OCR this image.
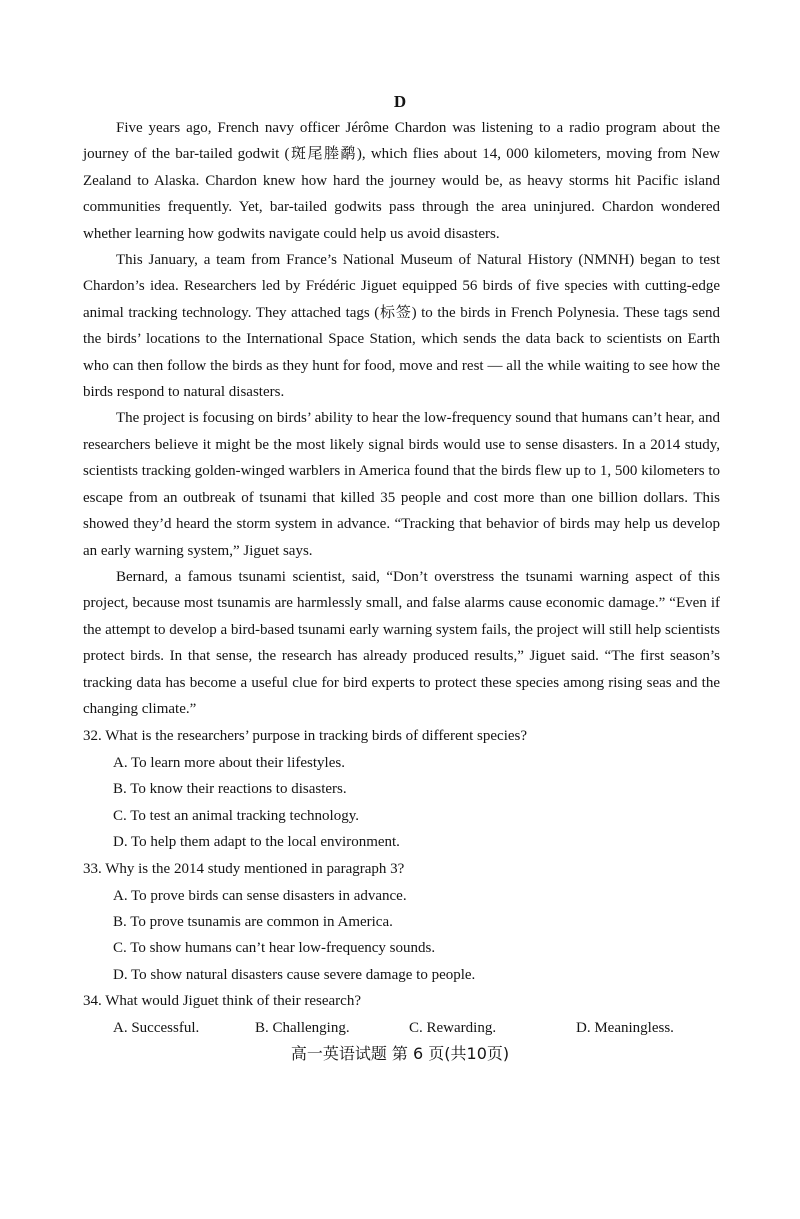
D

Five years ago, French navy officer Jérôme Chardon was listening to a radio program about the journey of the bar-tailed godwit (斑尾塍鹬), which flies about 14, 000 kilometers, moving from New Zealand to Alaska. Chardon knew how hard the journey would be, as heavy storms hit Pacific island communities frequently. Yet, bar-tailed godwits pass through the area uninjured. Chardon wondered whether learning how godwits navigate could help us avoid disasters.

This January, a team from France’s National Museum of Natural History (NMNH) began to test Chardon’s idea. Researchers led by Frédéric Jiguet equipped 56 birds of five species with cutting-edge animal tracking technology. They attached tags (标签) to the birds in French Polynesia. These tags send the birds’ locations to the International Space Station, which sends the data back to scientists on Earth who can then follow the birds as they hunt for food, move and rest — all the while waiting to see how the birds respond to natural disasters.

The project is focusing on birds’ ability to hear the low-frequency sound that humans can’t hear, and researchers believe it might be the most likely signal birds would use to sense disasters. In a 2014 study, scientists tracking golden-winged warblers in America found that the birds flew up to 1, 500 kilometers to escape from an outbreak of tsunami that killed 35 people and cost more than one billion dollars. This showed they’d heard the storm system in advance. “Tracking that behavior of birds may help us develop an early warning system,” Jiguet says.

Bernard, a famous tsunami scientist, said, “Don’t overstress the tsunami warning aspect of this project, because most tsunamis are harmlessly small, and false alarms cause economic damage.” “Even if the attempt to develop a bird-based tsunami early warning system fails, the project will still help scientists protect birds. In that sense, the research has already produced results,” Jiguet said. “The first season’s tracking data has become a useful clue for bird experts to protect these species among rising seas and the changing climate.”

32. What is the researchers’ purpose in tracking birds of different species?
A. To learn more about their lifestyles.
B. To know their reactions to disasters.
C. To test an animal tracking technology.
D. To help them adapt to the local environment.
33. Why is the 2014 study mentioned in paragraph 3?
A. To prove birds can sense disasters in advance.
B. To prove tsunamis are common in America.
C. To show humans can’t hear low-frequency sounds.
D. To show natural disasters cause severe damage to people.
34. What would Jiguet think of their research?
A. Successful.	B. Challenging.	C. Rewarding.	D. Meaningless.
高一英语试题 第 6 页(共10页)
